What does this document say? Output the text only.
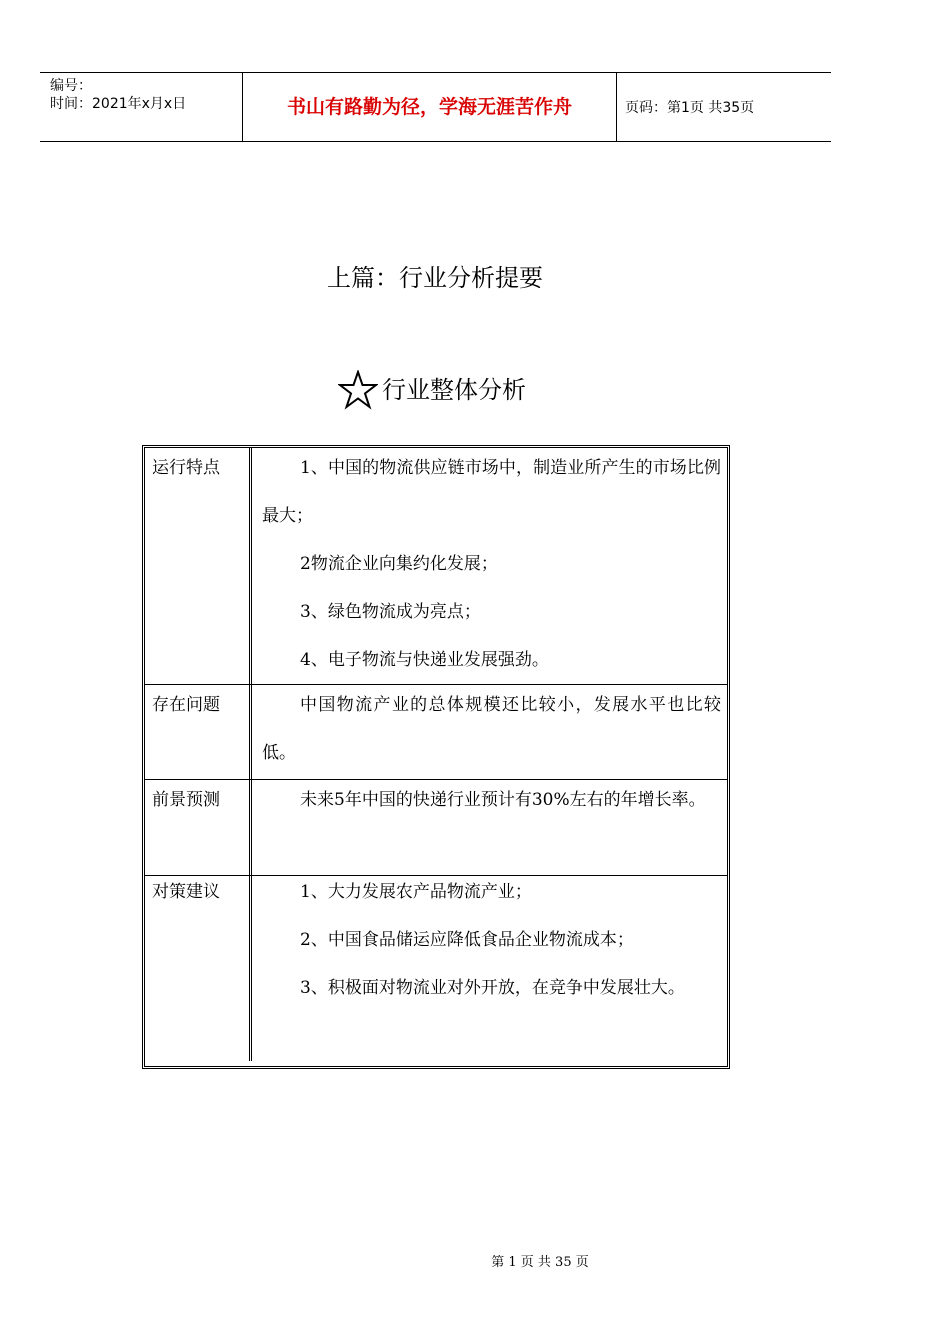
编号：
时间：2021年x月x日	书山有路勤为径，学海无涯苦作舟	页码：第1页 共35页
上篇：行业分析提要
行业整体分析
运行特点	1、中国的物流供应链市场中，制造业所产生的市场比例最大；

2物流企业向集约化发展；

3、绿色物流成为亮点；

4、电子物流与快递业发展强劲。

存在问题	中国物流产业的总体规模还比较小，发展水平也比较低。

前景预测	未来5年中国的快递行业预计有30%左右的年增长率。

对策建议	1、大力发展农产品物流产业；

2、中国食品储运应降低食品企业物流成本；

3、积极面对物流业对外开放，在竞争中发展壮大。

第 1 页 共 35 页
